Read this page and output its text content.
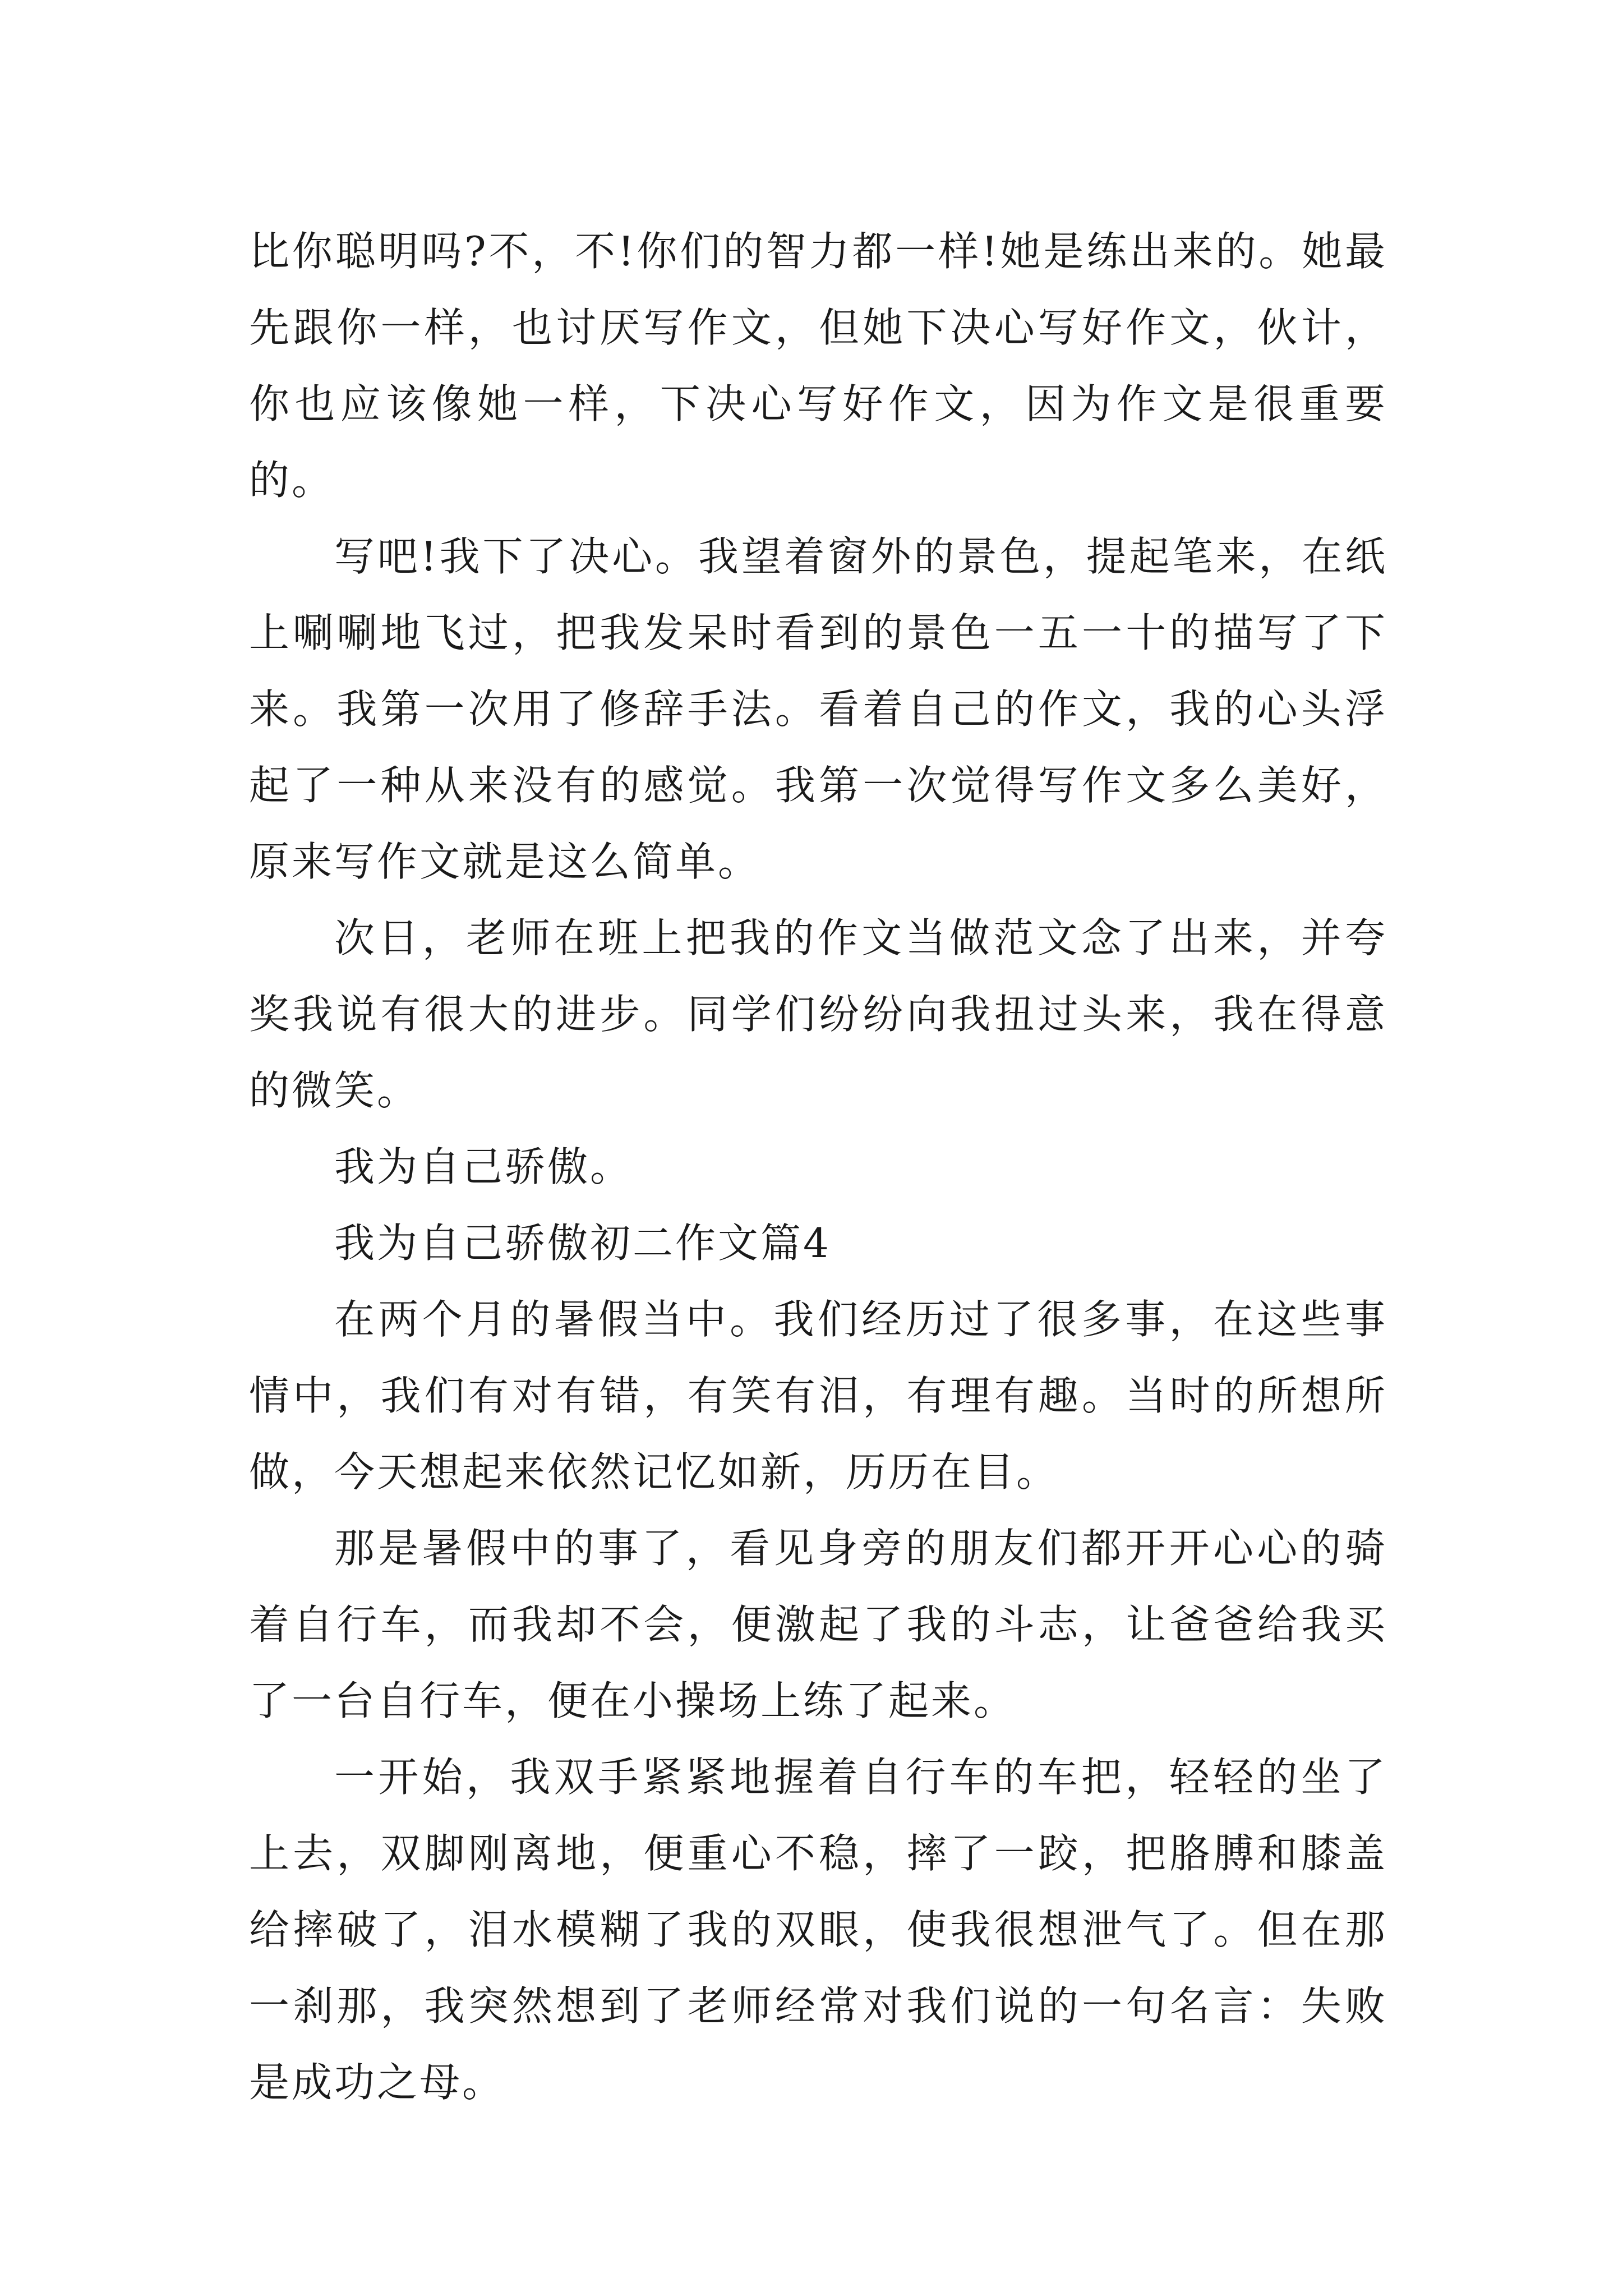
比你聪明吗?不，不!你们的智力都一样!她是练出来的。她最先跟你一样，也讨厌写作文，但她下决心写好作文，伙计，你也应该像她一样，下决心写好作文，因为作文是很重要的。

写吧!我下了决心。我望着窗外的景色，提起笔来，在纸上唰唰地飞过，把我发呆时看到的景色一五一十的描写了下来。我第一次用了修辞手法。看着自己的作文，我的心头浮起了一种从来没有的感觉。我第一次觉得写作文多么美好，原来写作文就是这么简单。

次日，老师在班上把我的作文当做范文念了出来，并夸奖我说有很大的进步。同学们纷纷向我扭过头来，我在得意的微笑。

我为自己骄傲。

我为自己骄傲初二作文篇4

在两个月的暑假当中。我们经历过了很多事，在这些事情中，我们有对有错，有笑有泪，有理有趣。当时的所想所做，今天想起来依然记忆如新，历历在目。

那是暑假中的事了，看见身旁的朋友们都开开心心的骑着自行车，而我却不会，便激起了我的斗志，让爸爸给我买了一台自行车，便在小操场上练了起来。

一开始，我双手紧紧地握着自行车的车把，轻轻的坐了上去，双脚刚离地，便重心不稳，摔了一跤，把胳膊和膝盖给摔破了，泪水模糊了我的双眼，使我很想泄气了。但在那一刹那，我突然想到了老师经常对我们说的一句名言：失败是成功之母。
